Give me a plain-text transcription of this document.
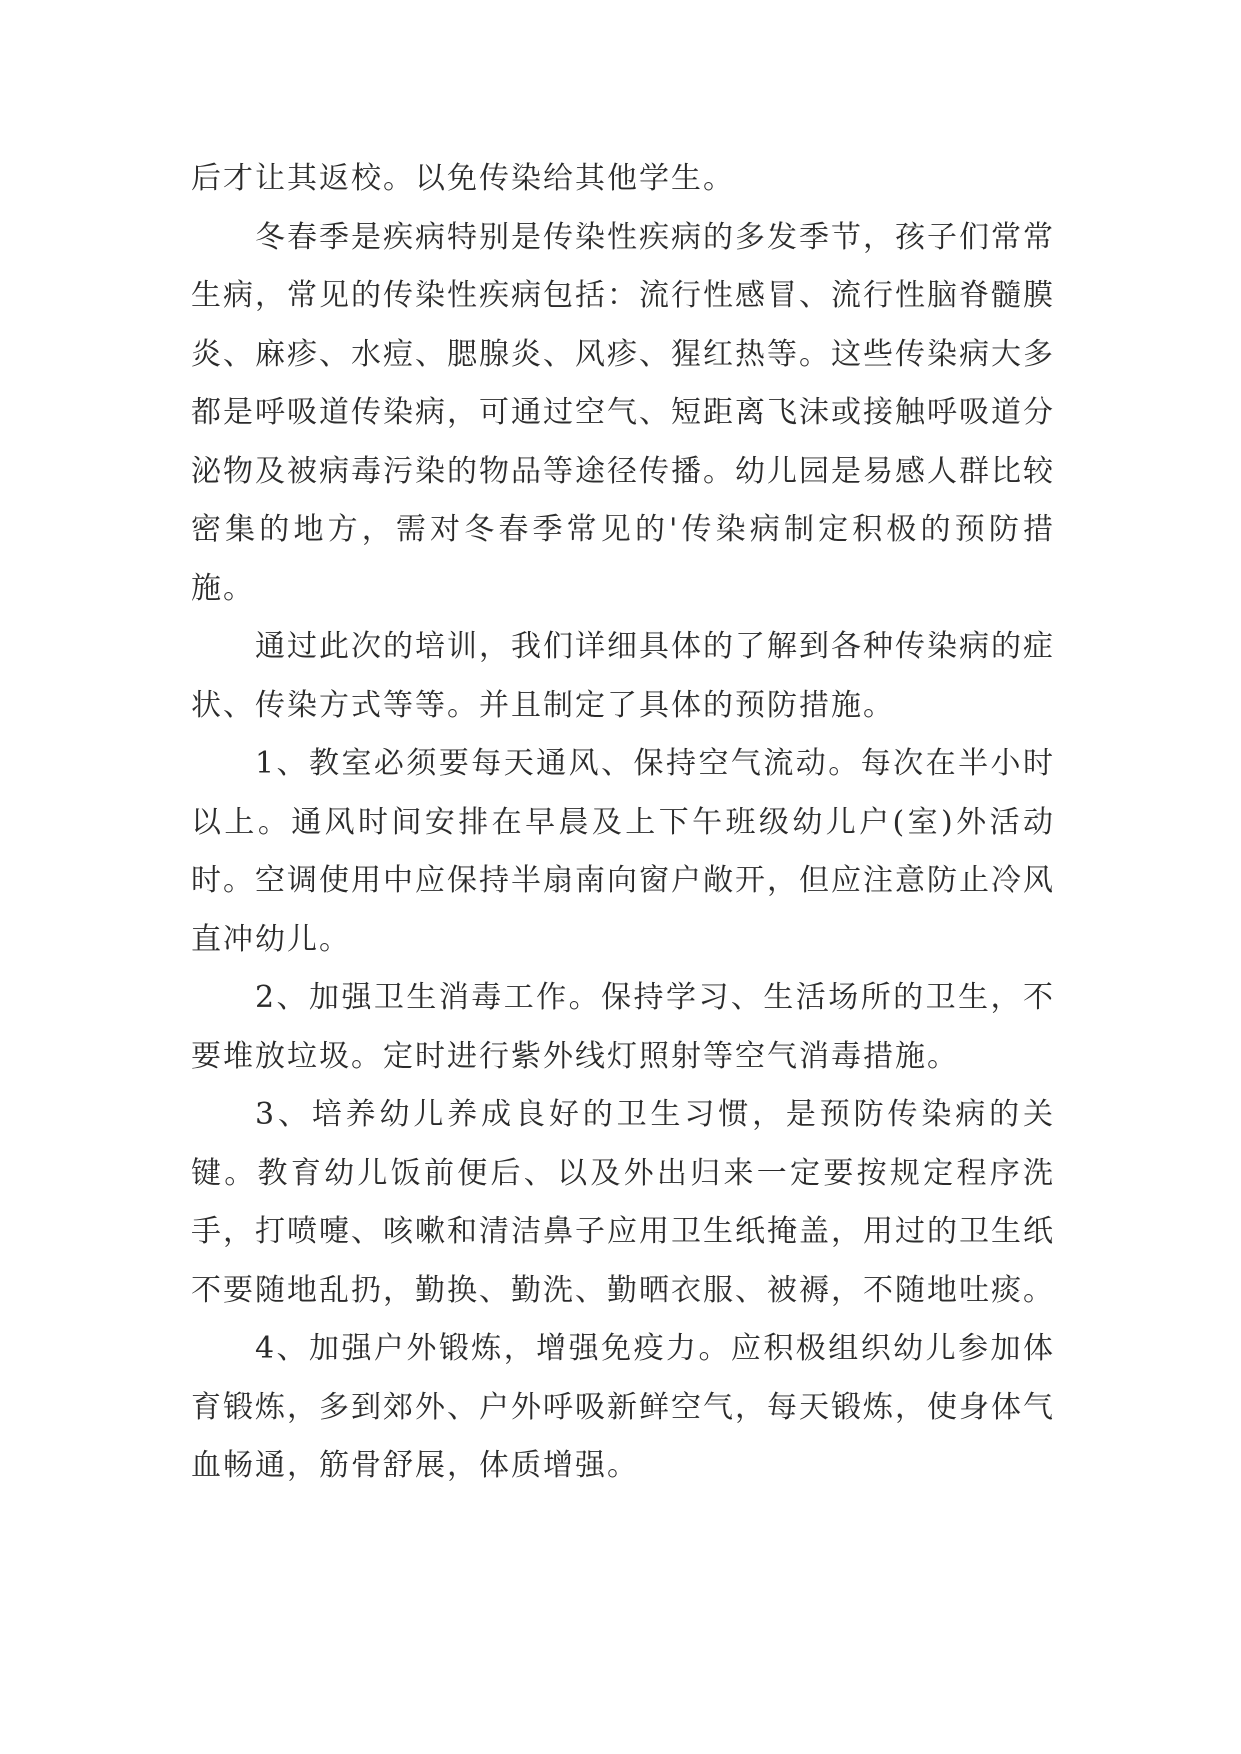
后才让其返校。以免传染给其他学生。

冬春季是疾病特别是传染性疾病的多发季节，孩子们常常生病，常见的传染性疾病包括：流行性感冒、流行性脑脊髓膜炎、麻疹、水痘、腮腺炎、风疹、猩红热等。这些传染病大多都是呼吸道传染病，可通过空气、短距离飞沫或接触呼吸道分泌物及被病毒污染的物品等途径传播。幼儿园是易感人群比较密集的地方，需对冬春季常见的'传染病制定积极的预防措施。

通过此次的培训，我们详细具体的了解到各种传染病的症状、传染方式等等。并且制定了具体的预防措施。

1、教室必须要每天通风、保持空气流动。每次在半小时以上。通风时间安排在早晨及上下午班级幼儿户(室)外活动时。空调使用中应保持半扇南向窗户敞开，但应注意防止冷风直冲幼儿。

2、加强卫生消毒工作。保持学习、生活场所的卫生，不要堆放垃圾。定时进行紫外线灯照射等空气消毒措施。

3、培养幼儿养成良好的卫生习惯，是预防传染病的关键。教育幼儿饭前便后、以及外出归来一定要按规定程序洗手，打喷嚏、咳嗽和清洁鼻子应用卫生纸掩盖，用过的卫生纸不要随地乱扔，勤换、勤洗、勤晒衣服、被褥，不随地吐痰。

4、加强户外锻炼，增强免疫力。应积极组织幼儿参加体育锻炼，多到郊外、户外呼吸新鲜空气，每天锻炼，使身体气血畅通，筋骨舒展，体质增强。
